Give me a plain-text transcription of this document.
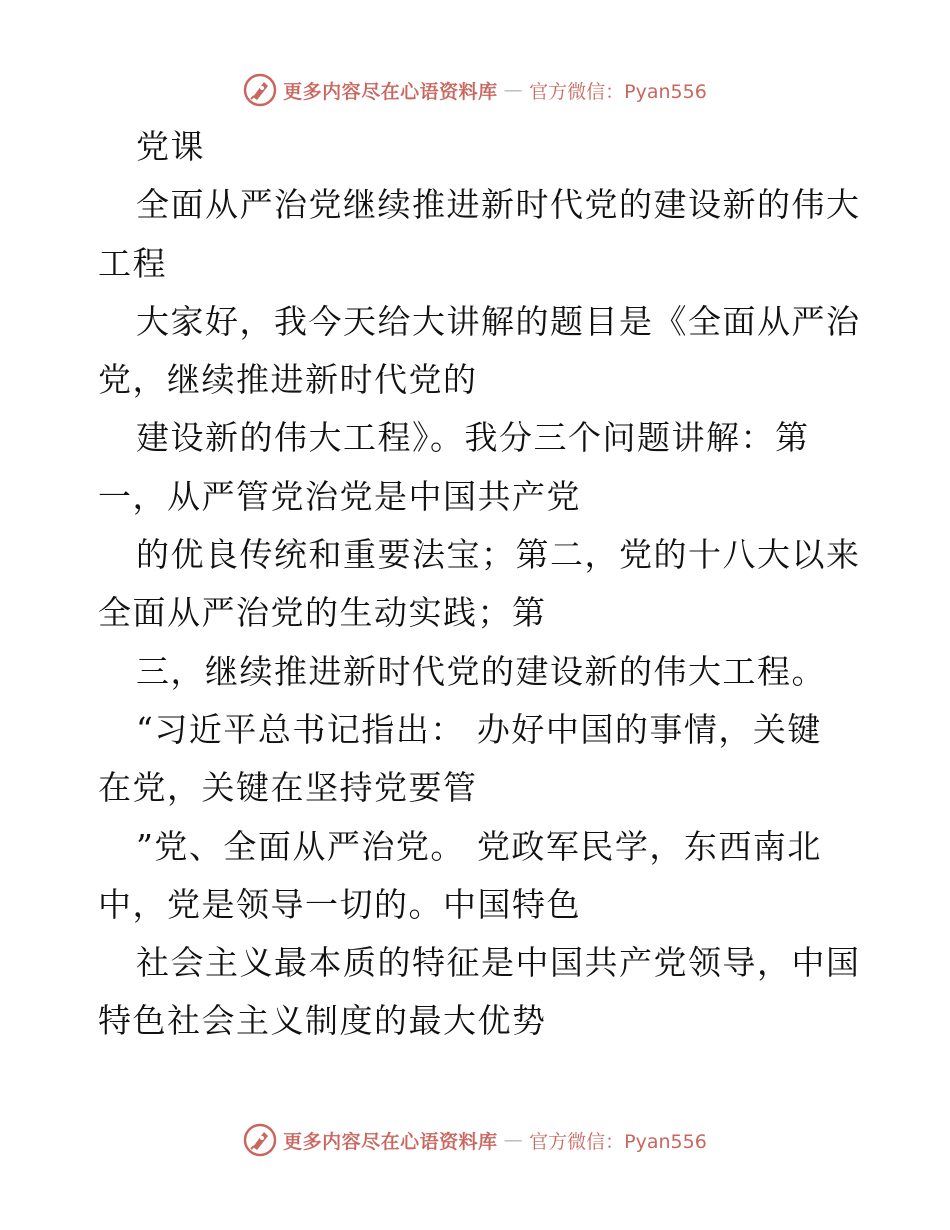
更多内容尽在心语资料库 — 官方微信：Pyan556
党课
全面从严治党继续推进新时代党的建设新的伟大
工程
大家好，我今天给大讲解的题目是《全面从严治
党，继续推进新时代党的
建设新的伟大工程》。我分三个问题讲解：第
一，从严管党治党是中国共产党
的优良传统和重要法宝；第二，党的十八大以来
全面从严治党的生动实践；第
三，继续推进新时代党的建设新的伟大工程。
“习近平总书记指出： 办好中国的事情，关键
在党，关键在坚持党要管
”党、全面从严治党。 党政军民学，东西南北
中，党是领导一切的。中国特色
社会主义最本质的特征是中国共产党领导，中国
特色社会主义制度的最大优势
更多内容尽在心语资料库 — 官方微信：Pyan556
